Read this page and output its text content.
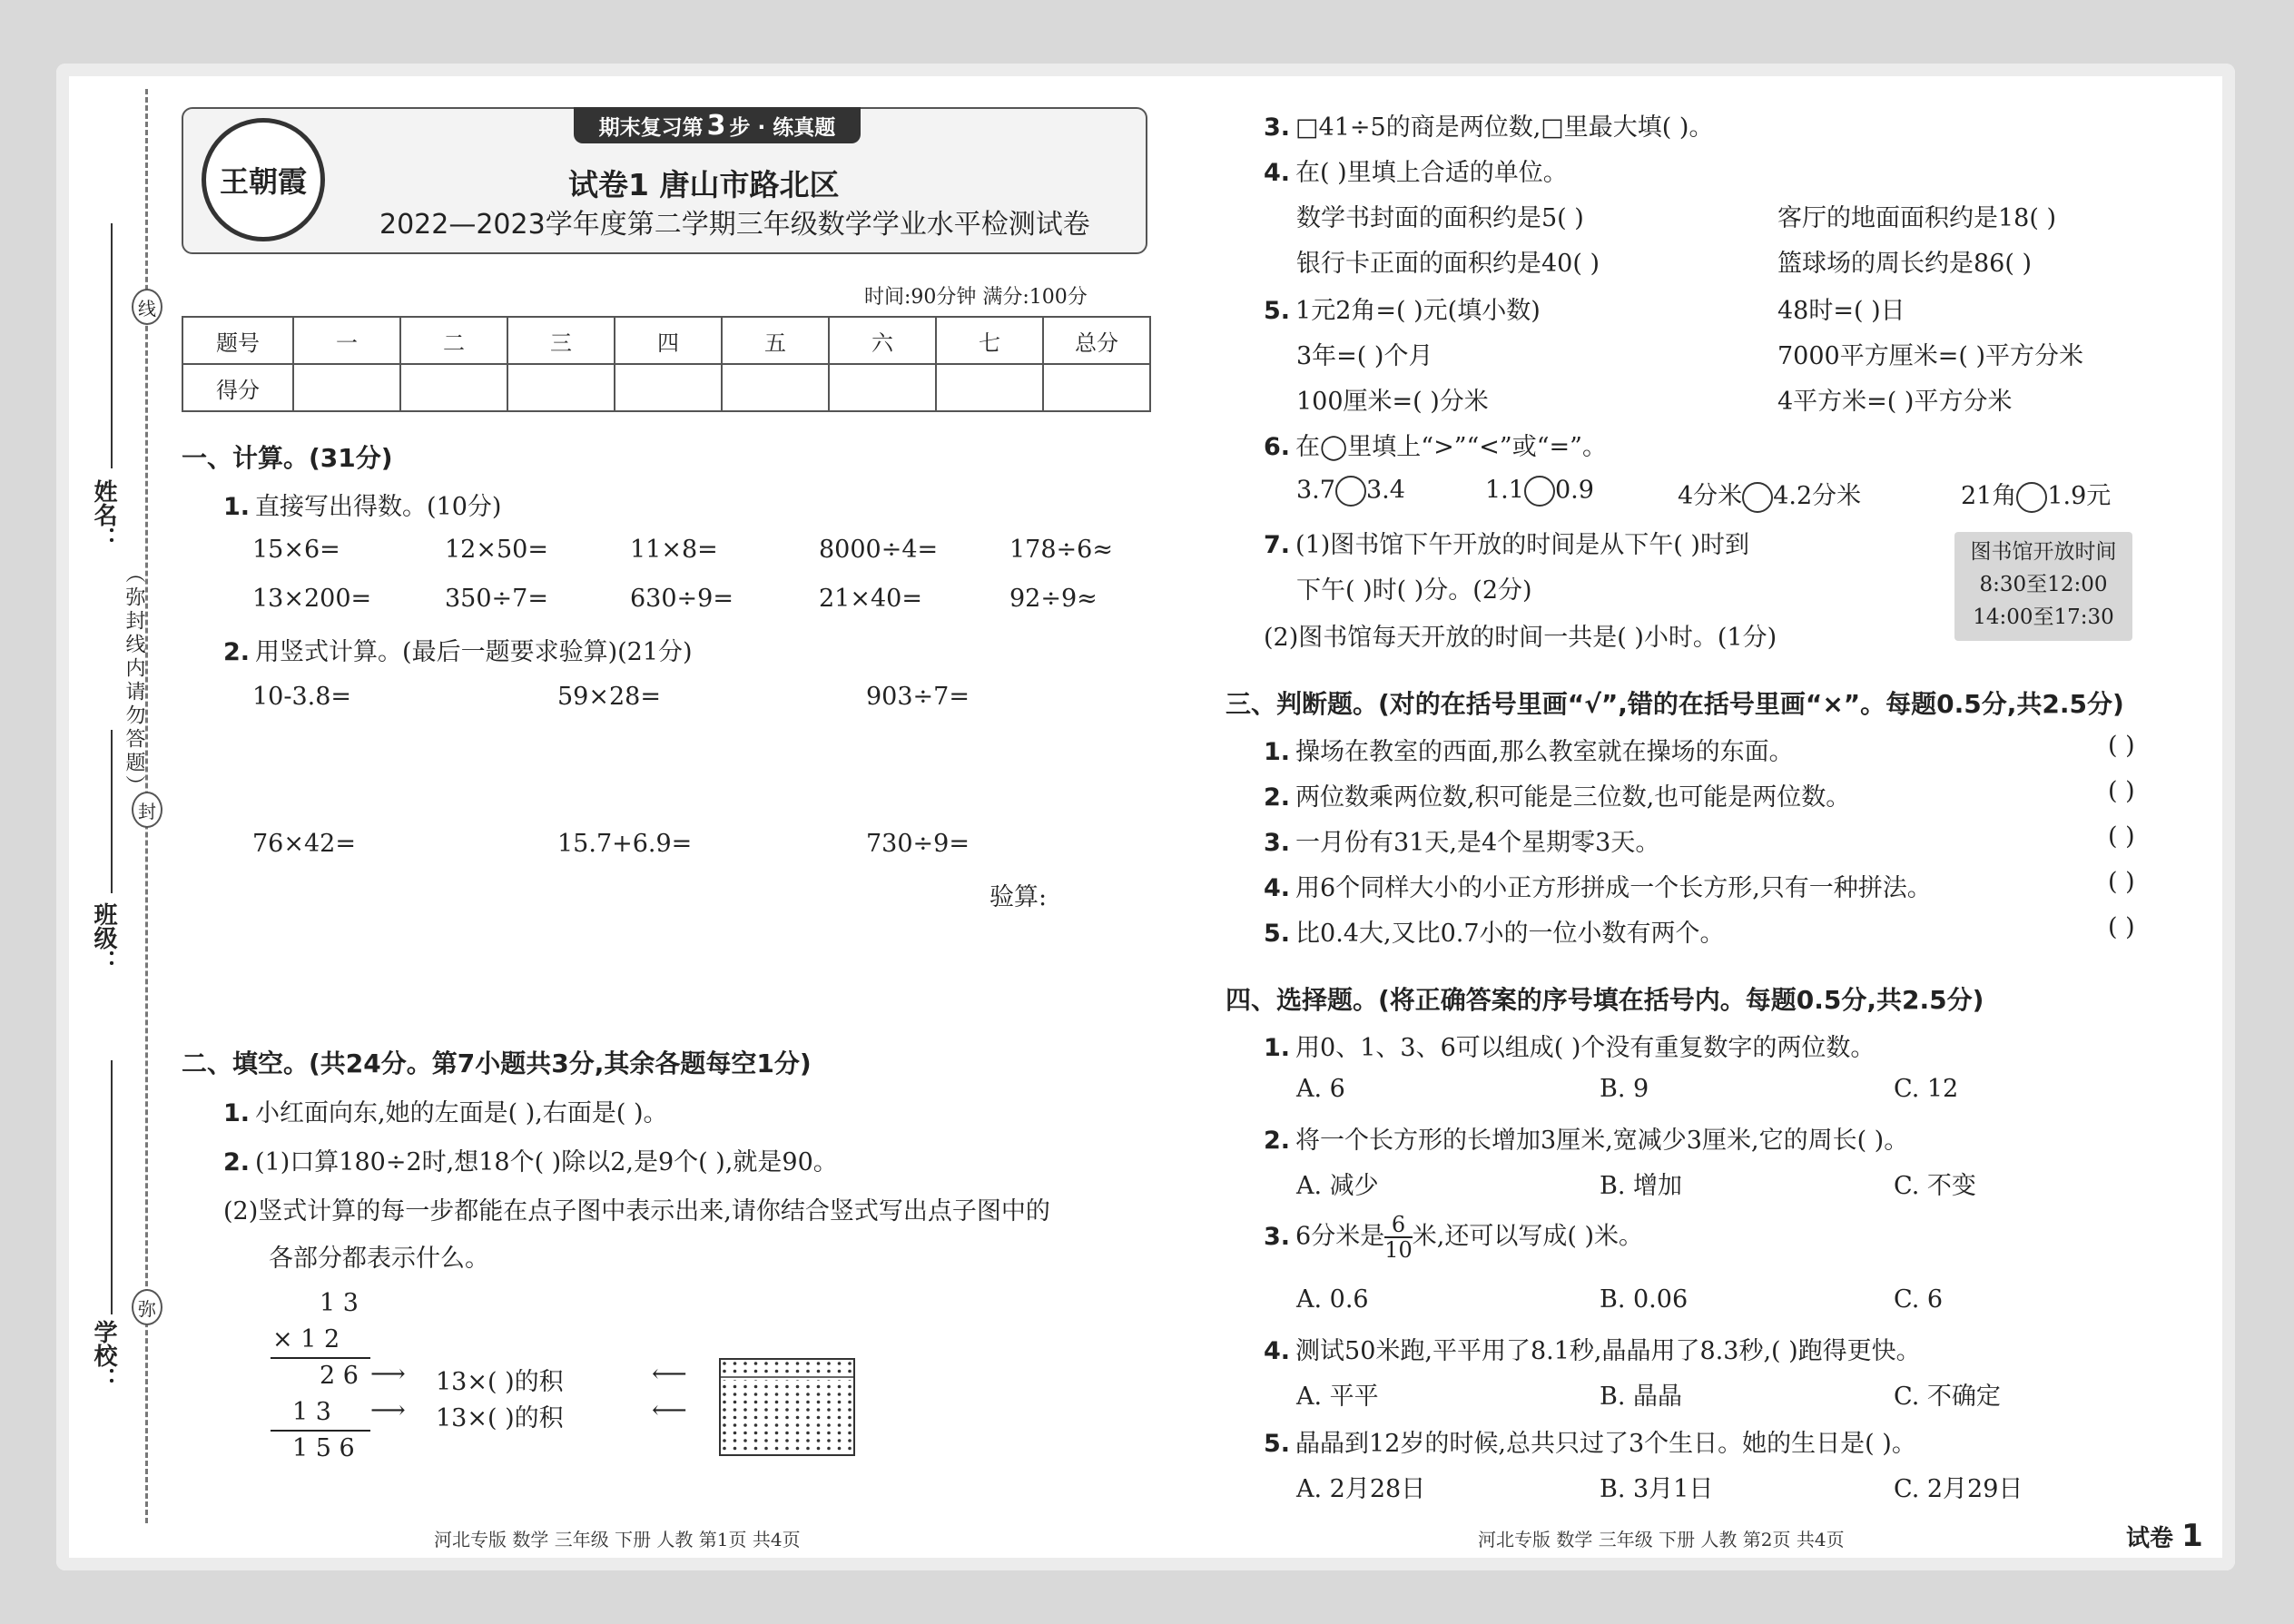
线
封
弥
（弥封线内请勿答题）
姓名：
班级：
学校：
期末复习第 3 步 · 练真题
王朝霞	试卷1 唐山市路北区
2022—2023学年度第二学期三年级数学学业水平检测试卷
时间:90分钟 满分:100分
题号	一	二	三	四	五	六	七	总分
得分								
一、计算。(31分)
1. 直接写出得数。(10分)
15×6=	12×50=	11×8=	8000÷4=	178÷6≈
13×200=	350÷7=	630÷9=	21×40=	92÷9≈
2. 用竖式计算。(最后一题要求验算)(21分)
10-3.8=	59×28=	903÷7=
76×42=	15.7+6.9=	730÷9=
验算:
二、填空。(共24分。第7小题共3分,其余各题每空1分)
1. 小红面向东,她的左面是( ),右面是( )。
2. (1)口算180÷2时,想18个( )除以2,是9个( ),就是90。
(2)竖式计算的每一步都能在点子图中表示出来,请你结合竖式写出点子图中的
各部分都表示什么。
1 3
× 1 2
2 6
1 3
1 5 6
⟶ 13×( )的积	⟵
⟶ 13×( )的积	⟵
3. □41÷5的商是两位数,□里最大填( )。
4. 在( )里填上合适的单位。
数学书封面的面积约是5( )	客厅的地面面积约是18( )
银行卡正面的面积约是40( )	篮球场的周长约是86( )
5. 1元2角=( )元(填小数)	48时=( )日
3年=( )个月	7000平方厘米=( )平方分米
100厘米=( )分米	4平方米=( )平方分米
6. 在◯里填上“>”“<”或“=”。
3.7 3.4	1.1 0.9	4分米 4.2分米	21角 1.9元
7. (1)图书馆下午开放的时间是从下午( )时到
下午( )时( )分。(2分)
(2)图书馆每天开放的时间一共是( )小时。(1分)
图书馆开放时间
8:30至12:00
14:00至17:30
三、判断题。(对的在括号里画“√”,错的在括号里画“×”。每题0.5分,共2.5分)
1. 操场在教室的西面,那么教室就在操场的东面。	( )
2. 两位数乘两位数,积可能是三位数,也可能是两位数。	( )
3. 一月份有31天,是4个星期零3天。	( )
4. 用6个同样大小的小正方形拼成一个长方形,只有一种拼法。	( )
5. 比0.4大,又比0.7小的一位小数有两个。	( )
四、选择题。(将正确答案的序号填在括号内。每题0.5分,共2.5分)
1. 用0、1、3、6可以组成( )个没有重复数字的两位数。
A. 6	B. 9	C. 12
2. 将一个长方形的长增加3厘米,宽减少3厘米,它的周长( )。
A. 减少	B. 增加	C. 不变
3. 6分米是 $\frac{6}{10}$ 米,还可以写成( )米。
A. 0.6	B. 0.06	C. 6
4. 测试50米跑,平平用了8.1秒,晶晶用了8.3秒,( )跑得更快。
A. 平平	B. 晶晶	C. 不确定
5. 晶晶到12岁的时候,总共只过了3个生日。她的生日是( )。
A. 2月28日	B. 3月1日	C. 2月29日
河北专版 数学 三年级 下册 人教 第1页 共4页	河北专版 数学 三年级 下册 人教 第2页 共4页	试卷 1
